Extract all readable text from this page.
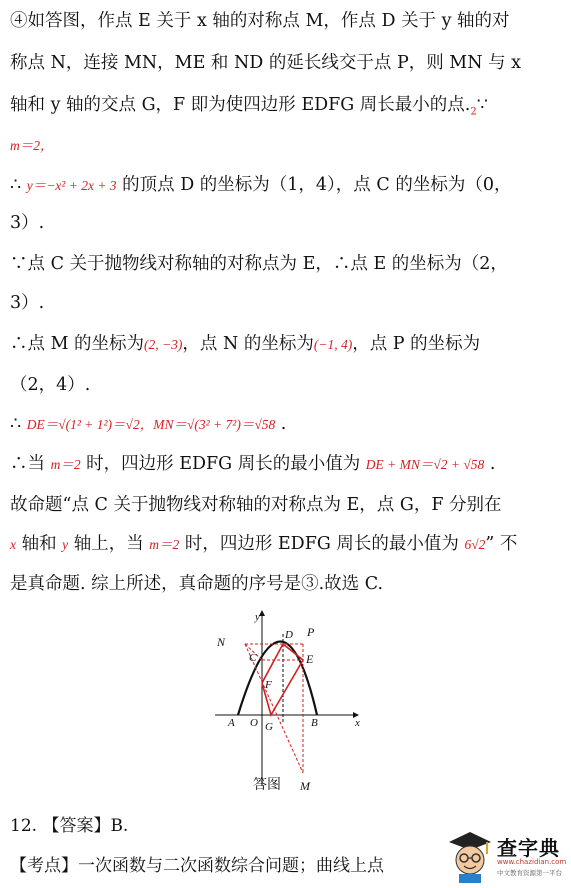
④如答图，作点 E 关于 x 轴的对称点 M，作点 D 关于 y 轴的对
称点 N，连接 MN，ME 和 ND 的延长线交于点 P，则 MN 与 x
轴和 y 轴的交点 G，F 即为使四边形 EDFG 周长最小的点$._2\because$
m＝2，
∴ y＝−x² + 2x + 3 的顶点 D 的坐标为（1，4），点 C 的坐标为（0，
3）.
∵点 C 关于抛物线对称轴的对称点为 E，∴点 E 的坐标为（2，
3）.
∴点 M 的坐标为(2, −3)，点 N 的坐标为(−1, 4)，点 P 的坐标为
（2，4）.
∴ DE＝√(1² + 1²)＝√2，MN＝√(3² + 7²)＝√58 .
∴当 m＝2 时，四边形 EDFG 周长的最小值为 DE + MN＝√2 + √58 .
故命题“点 C 关于抛物线对称轴的对称点为 E，点 G，F 分别在
x 轴和 y 轴上，当 m＝2 时，四边形 EDFG 周长的最小值为 6√2” 不
是真命题. 综上所述，真命题的序号是③.故选 C.
y
x
N	D P
C	E
F
A O G	B
M
答图
12. 【答案】B.
【考点】一次函数与二次函数综合问题；曲线上点
查字典
www.chazidian.com
中文教育资源第一平台
